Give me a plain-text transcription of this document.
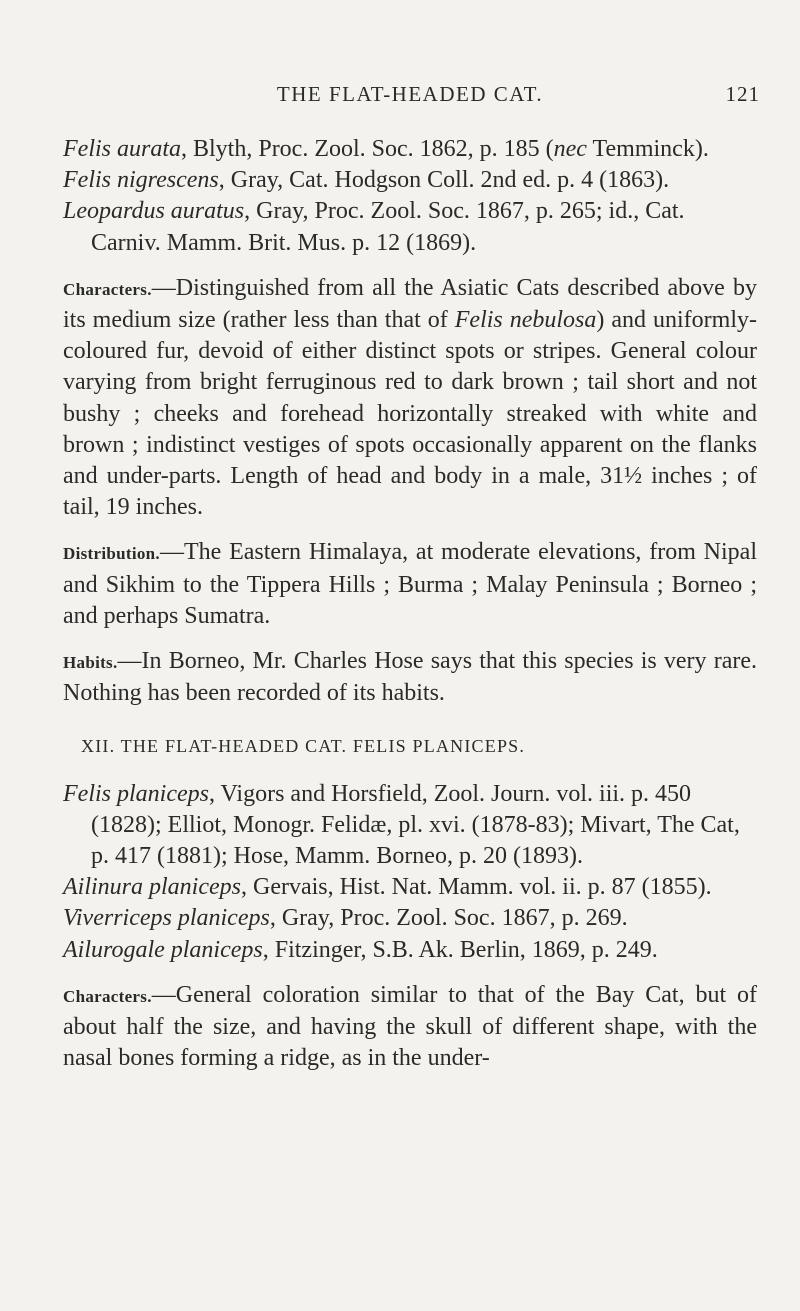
THE FLAT-HEADED CAT.	121

Felis aurata, Blyth, Proc. Zool. Soc. 1862, p. 185 (nec Temminck).

Felis nigrescens, Gray, Cat. Hodgson Coll. 2nd ed. p. 4 (1863).

Leopardus auratus, Gray, Proc. Zool. Soc. 1867, p. 265; id., Cat. Carniv. Mamm. Brit. Mus. p. 12 (1869).

Characters.—Distinguished from all the Asiatic Cats described above by its medium size (rather less than that of Felis nebulosa) and uniformly-coloured fur, devoid of either distinct spots or stripes. General colour varying from bright ferruginous red to dark brown ; tail short and not bushy ; cheeks and forehead horizontally streaked with white and brown ; indistinct vestiges of spots occasionally apparent on the flanks and under-parts. Length of head and body in a male, 31½ inches ; of tail, 19 inches.

Distribution.—The Eastern Himalaya, at moderate elevations, from Nipal and Sikhim to the Tippera Hills ; Burma ; Malay Peninsula ; Borneo ; and perhaps Sumatra.

Habits.—In Borneo, Mr. Charles Hose says that this species is very rare. Nothing has been recorded of its habits.

XII. THE FLAT-HEADED CAT. FELIS PLANICEPS.

Felis planiceps, Vigors and Horsfield, Zool. Journ. vol. iii. p. 450 (1828); Elliot, Monogr. Felidæ, pl. xvi. (1878-83); Mivart, The Cat, p. 417 (1881); Hose, Mamm. Borneo, p. 20 (1893).

Ailinura planiceps, Gervais, Hist. Nat. Mamm. vol. ii. p. 87 (1855).

Viverriceps planiceps, Gray, Proc. Zool. Soc. 1867, p. 269.

Ailurogale planiceps, Fitzinger, S.B. Ak. Berlin, 1869, p. 249.

Characters.—General coloration similar to that of the Bay Cat, but of about half the size, and having the skull of different shape, with the nasal bones forming a ridge, as in the under-
